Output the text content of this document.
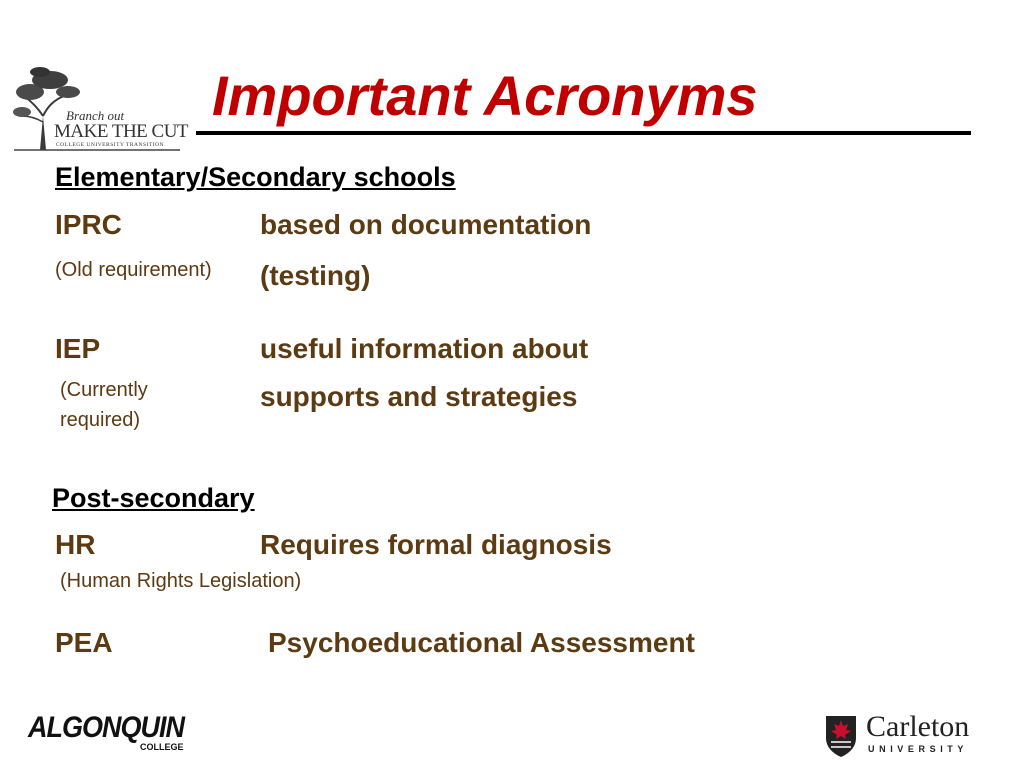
Branch out
MAKE THE CUT
COLLEGE UNIVERSITY TRANSITION
Important Acronyms
Elementary/Secondary schools
IPRC
(Old requirement)
based on documentation
(testing)
IEP
(Currently required)
useful information about
supports and strategies
Post-secondary
HR
(Human Rights Legislation)
Requires formal diagnosis
PEA	Psychoeducational Assessment
ALGONQUIN
COLLEGE
Carleton
UNIVERSITY
